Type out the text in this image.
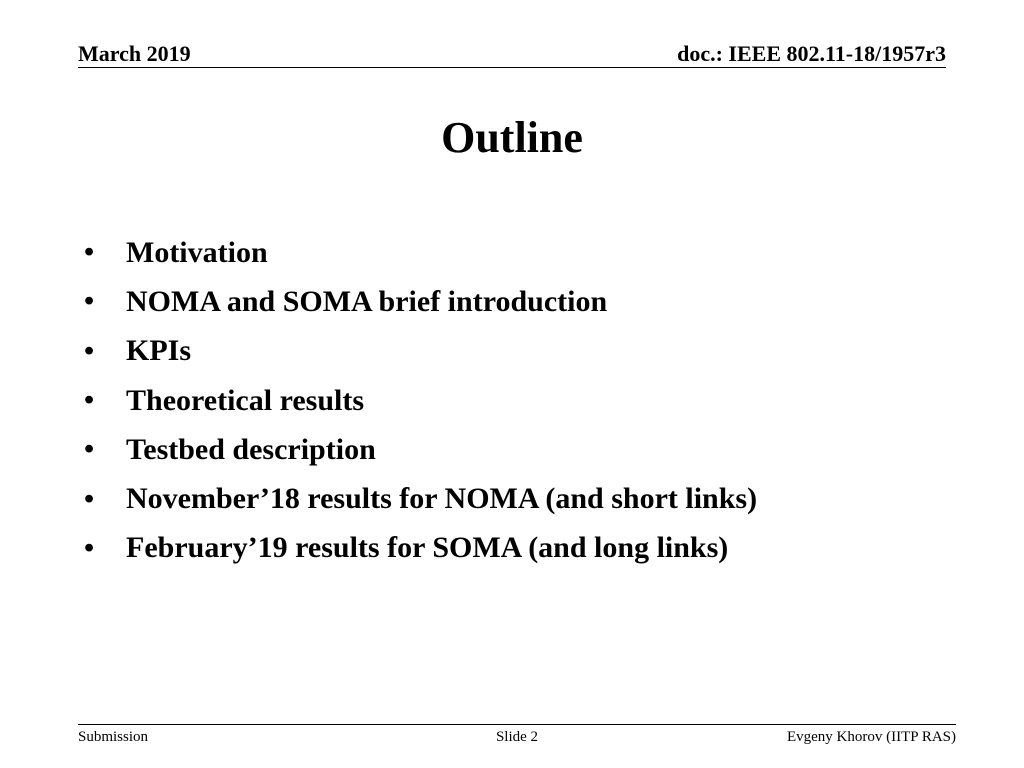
March 2019	doc.: IEEE 802.11-18/1957r3
Outline
•	Motivation
•	NOMA and SOMA brief introduction
•	KPIs
•	Theoretical results
•	Testbed description
•	November’18 results for NOMA (and short links)
•	February’19 results for SOMA (and long links)
Submission	Slide 2	Evgeny Khorov (IITP RAS)
